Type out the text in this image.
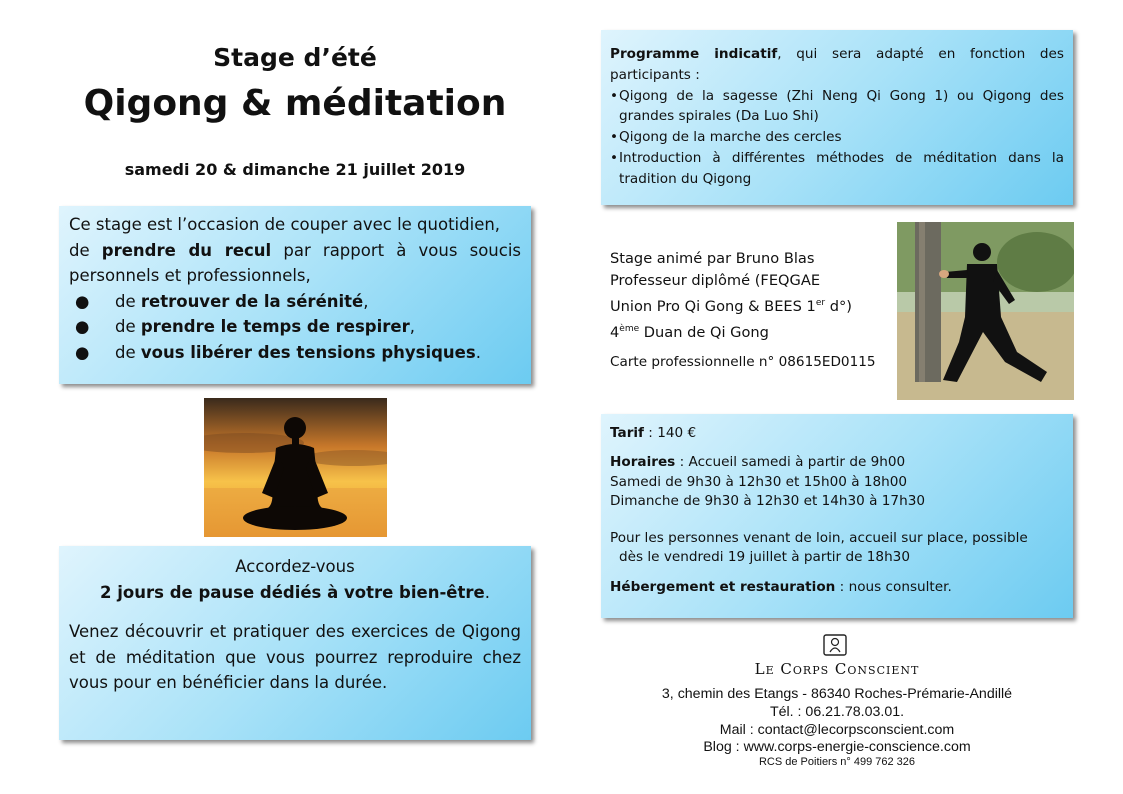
Stage d’été
Qigong & méditation
samedi 20 & dimanche 21 juillet 2019
Ce stage est l’occasion de couper avec le quotidien,
de prendre du recul par rapport à vous soucis personnels et professionnels,
● de retrouver de la sérénité,
● de prendre le temps de respirer,
● de vous libérer des tensions physiques.
Accordez-vous
2 jours de pause dédiés à votre bien-être.
Venez découvrir et pratiquer des exercices de Qigong et de méditation que vous pourrez reproduire chez vous pour en bénéficier dans la durée.
Programme indicatif, qui sera adapté en fonction des participants :
• Qigong de la sagesse (Zhi Neng Qi Gong 1) ou Qigong des grandes spirales (Da Luo Shi)
• Qigong de la marche des cercles
• Introduction à différentes méthodes de méditation dans la tradition du Qigong
Stage animé par Bruno Blas
Professeur diplômé (FEQGAE
Union Pro Qi Gong & BEES 1er d°)
4ème Duan de Qi Gong
Carte professionnelle n° 08615ED0115
Tarif : 140 €
Horaires : Accueil samedi à partir de 9h00
Samedi de 9h30 à 12h30 et 15h00 à 18h00
Dimanche de 9h30 à 12h30 et 14h30 à 17h30
Pour les personnes venant de loin, accueil sur place, possible
dès le vendredi 19 juillet à partir de 18h30
Hébergement et restauration : nous consulter.
Le Corps Conscient
3, chemin des Etangs - 86340 Roches-Prémarie-Andillé
Tél. : 06.21.78.03.01.
Mail : contact@lecorpsconscient.com
Blog : www.corps-energie-conscience.com
RCS de Poitiers n° 499 762 326
